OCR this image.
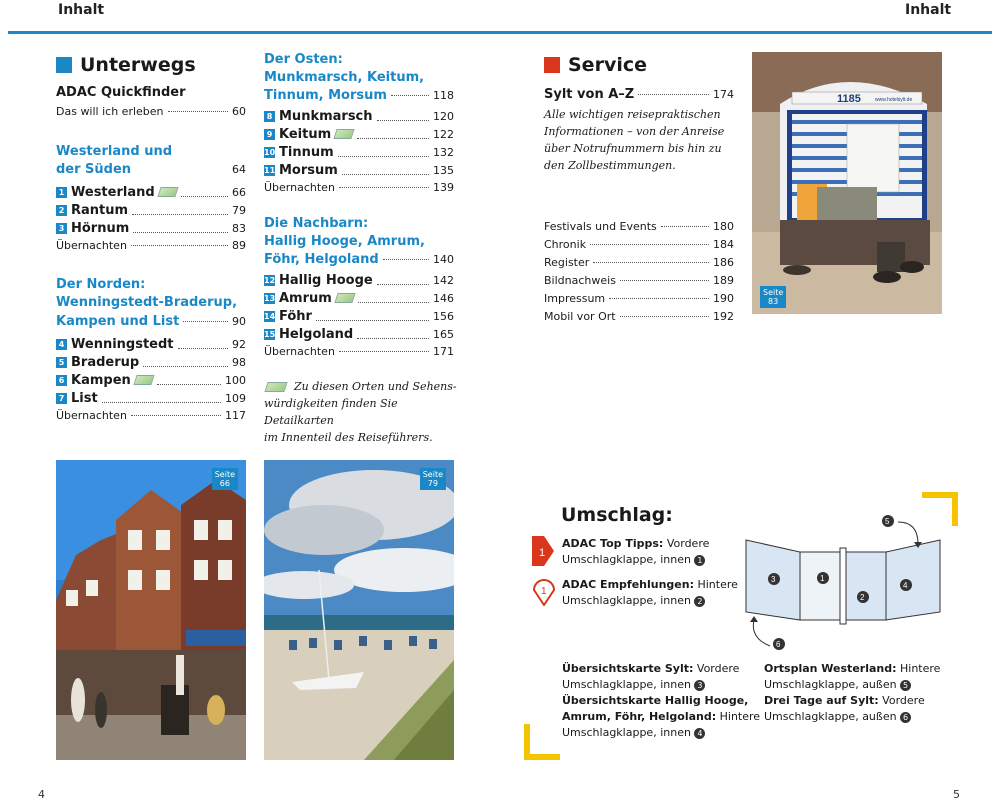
Inhalt	Inhalt
Unterwegs
ADAC Quickfinder
Das will ich erleben	60
Westerland und
der Süden	64
1 Westerland	66
2 Rantum	79
3 Hörnum	83
Übernachten	89
Der Norden:
Wenningstedt-Braderup,
Kampen und List	90
4 Wenningstedt	92
5 Braderup	98
6 Kampen	100
7 List	109
Übernachten	117
Der Osten:
Munkmarsch, Keitum,
Tinnum, Morsum	118
8 Munkmarsch	120
9 Keitum	122
10 Tinnum	132
11 Morsum	135
Übernachten	139
Die Nachbarn:
Hallig Hooge, Amrum,
Föhr, Helgoland	140
12 Hallig Hooge	142
13 Amrum	146
14 Föhr	156
15 Helgoland	165
Übernachten	171
Zu diesen Orten und Sehens-
würdigkeiten finden Sie Detailkarten
im Innenteil des Reiseführers.
Seite
66
Seite
79
Service
Sylt von A–Z	174
Alle wichtigen reisepraktischen
Informationen – von der Anreise
über Notrufnummern bis hin zu
den Zollbestimmungen.
Festivals und Events	180
Chronik	184
Register	186
Bildnachweis	189
Impressum	190
Mobil vor Ort	192
1185	www.hotelsylt.de
Seite
83
Umschlag:
1
ADAC Top Tipps: Vordere
Umschlagklappe, innen 1
1
ADAC Empfehlungen: Hintere
Umschlagklappe, innen 2
3	1
2
4
5
6
Übersichtskarte Sylt: Vordere
Umschlagklappe, innen 3
Übersichtskarte Hallig Hooge,
Amrum, Föhr, Helgoland: Hintere
Umschlagklappe, innen 4
Ortsplan Westerland: Hintere
Umschlagklappe, außen 5
Drei Tage auf Sylt: Vordere
Umschlagklappe, außen 6
4	5
